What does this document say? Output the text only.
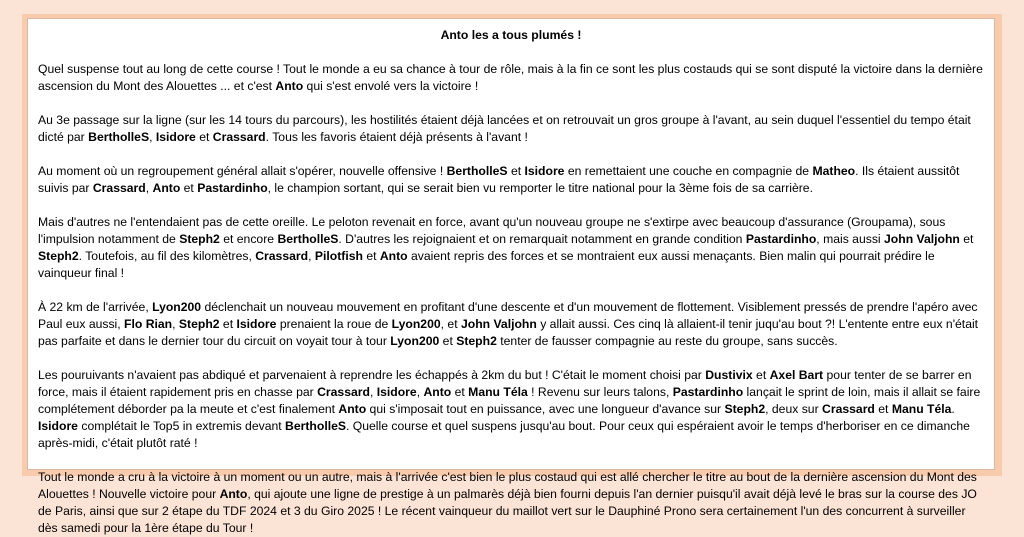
Anto les a tous plumés !

Quel suspense tout au long de cette course ! Tout le monde a eu sa chance à tour de rôle, mais à la fin ce sont les plus costauds qui se sont disputé la victoire dans la dernière ascension du Mont des Alouettes ... et c'est Anto qui s'est envolé vers la victoire !

Au 3e passage sur la ligne (sur les 14 tours du parcours), les hostilités étaient déjà lancées et on retrouvait un gros groupe à l'avant, au sein duquel l'essentiel du tempo était dicté par BertholleS, Isidore et Crassard. Tous les favoris étaient déjà présents à l'avant !

Au moment où un regroupement général allait s'opérer, nouvelle offensive ! BertholleS et Isidore en remettaient une couche en compagnie de Matheo. Ils étaient aussitôt suivis par Crassard, Anto et Pastardinho, le champion sortant, qui se serait bien vu remporter le titre national pour la 3ème fois de sa carrière.

Mais d'autres ne l'entendaient pas de cette oreille. Le peloton revenait en force, avant qu'un nouveau groupe ne s'extirpe avec beaucoup d'assurance (Groupama), sous l'impulsion notamment de Steph2 et encore BertholleS. D'autres les rejoignaient et on remarquait notamment en grande condition Pastardinho, mais aussi John Valjohn et Steph2. Toutefois, au fil des kilomètres, Crassard, Pilotfish et Anto avaient repris des forces et se montraient eux aussi menaçants. Bien malin qui pourrait prédire le vainqueur final !

À 22 km de l'arrivée, Lyon200 déclenchait un nouveau mouvement en profitant d'une descente et d'un mouvement de flottement. Visiblement pressés de prendre l'apéro avec Paul eux aussi, Flo Rian, Steph2 et Isidore prenaient la roue de Lyon200, et John Valjohn y allait aussi. Ces cinq là allaient-il tenir juqu'au bout ?! L'entente entre eux n'était pas parfaite et dans le dernier tour du circuit on voyait tour à tour Lyon200 et Steph2 tenter de fausser compagnie au reste du groupe, sans succès.

Les pouruivants n'avaient pas abdiqué et parvenaient à reprendre les échappés à 2km du but ! C'était le moment choisi par Dustivix et Axel Bart pour tenter de se barrer en force, mais il étaient rapidement pris en chasse par Crassard, Isidore, Anto et Manu Téla ! Revenu sur leurs talons, Pastardinho lançait le sprint de loin, mais il allait se faire complétement déborder pa la meute et c'est finalement Anto qui s'imposait tout en puissance, avec une longueur d'avance sur Steph2, deux sur Crassard et Manu Téla. Isidore complétait le Top5 in extremis devant BertholleS. Quelle course et quel suspens jusqu'au bout. Pour ceux qui espéraient avoir le temps d'herboriser en ce dimanche après-midi, c'était plutôt raté !

Tout le monde a cru à la victoire à un moment ou un autre, mais à l'arrivée c'est bien le plus costaud qui est allé chercher le titre au bout de la dernière ascension du Mont des Alouettes ! Nouvelle victoire pour Anto, qui ajoute une ligne de prestige à un palmarès déjà bien fourni depuis l'an dernier puisqu'il avait déjà levé le bras sur la course des JO de Paris, ainsi que sur 2 étape du TDF 2024 et 3 du Giro 2025 ! Le récent vainqueur du maillot vert sur le Dauphiné Prono sera certainement l'un des concurrent à surveiller dès samedi pour la 1ère étape du Tour !
